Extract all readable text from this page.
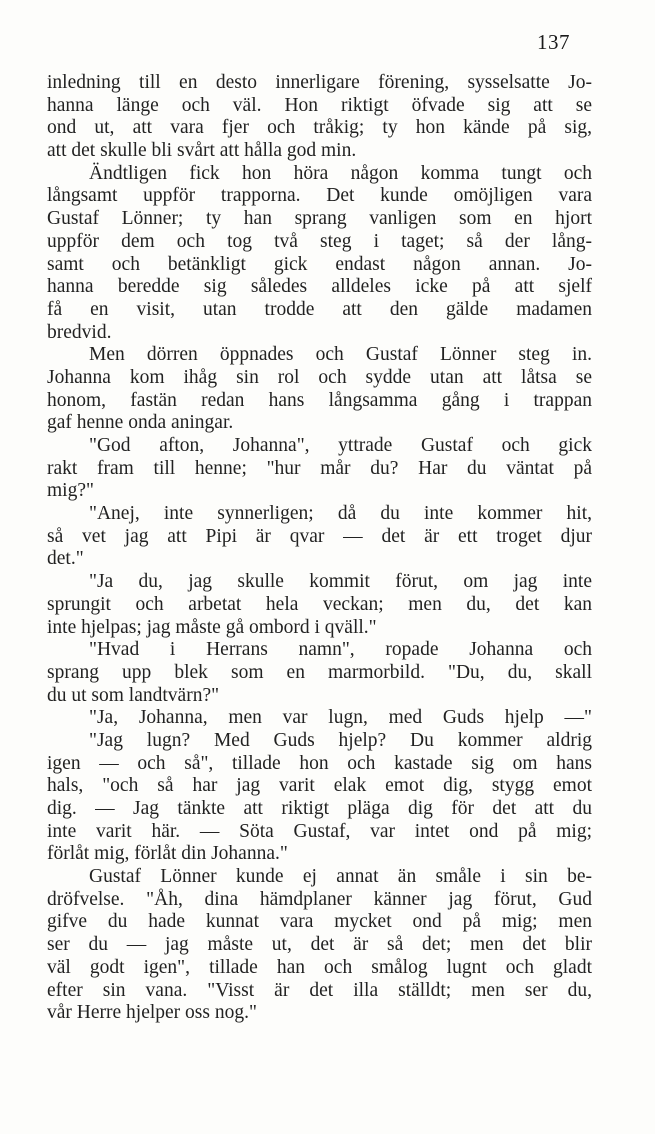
137
inledning till en desto innerligare förening, sysselsatte Jo-
hanna länge och väl. Hon riktigt öfvade sig att se
ond ut, att vara fjer och tråkig; ty hon kände på sig,
att det skulle bli svårt att hålla god min.
Ändtligen fick hon höra någon komma tungt och
långsamt uppför trapporna. Det kunde omöjligen vara
Gustaf Lönner; ty han sprang vanligen som en hjort
uppför dem och tog två steg i taget; så der lång-
samt och betänkligt gick endast någon annan. Jo-
hanna beredde sig således alldeles icke på att sjelf
få en visit, utan trodde att den gälde madamen
bredvid.
Men dörren öppnades och Gustaf Lönner steg in.
Johanna kom ihåg sin rol och sydde utan att låtsa se
honom, fastän redan hans långsamma gång i trappan
gaf henne onda aningar.
"God afton, Johanna", yttrade Gustaf och gick
rakt fram till henne; "hur mår du? Har du väntat på
mig?"
"Anej, inte synnerligen; då du inte kommer hit,
så vet jag att Pipi är qvar — det är ett troget djur
det."
"Ja du, jag skulle kommit förut, om jag inte
sprungit och arbetat hela veckan; men du, det kan
inte hjelpas; jag måste gå ombord i qväll."
"Hvad i Herrans namn", ropade Johanna och
sprang upp blek som en marmorbild. "Du, du, skall
du ut som landtvärn?"
"Ja, Johanna, men var lugn, med Guds hjelp —"
"Jag lugn? Med Guds hjelp? Du kommer aldrig
igen — och så", tillade hon och kastade sig om hans
hals, "och så har jag varit elak emot dig, stygg emot
dig. — Jag tänkte att riktigt pläga dig för det att du
inte varit här. — Söta Gustaf, var intet ond på mig;
förlåt mig, förlåt din Johanna."
Gustaf Lönner kunde ej annat än småle i sin be-
dröfvelse. "Åh, dina hämdplaner känner jag förut, Gud
gifve du hade kunnat vara mycket ond på mig; men
ser du — jag måste ut, det är så det; men det blir
väl godt igen", tillade han och smålog lugnt och gladt
efter sin vana. "Visst är det illa ställdt; men ser du,
vår Herre hjelper oss nog."
